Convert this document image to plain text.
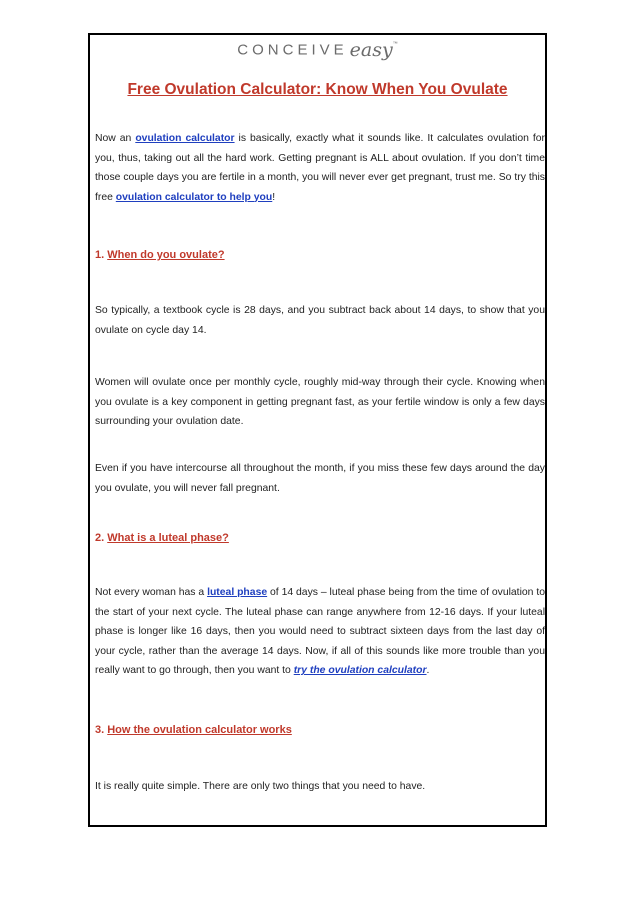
CONCEIVE easy™
Free Ovulation Calculator: Know When You Ovulate

Now an ovulation calculator is basically, exactly what it sounds like. It calculates ovulation for you, thus, taking out all the hard work. Getting pregnant is ALL about ovulation. If you don’t time those couple days you are fertile in a month, you will never ever get pregnant, trust me. So try this free ovulation calculator to help you!

1. When do you ovulate?

So typically, a textbook cycle is 28 days, and you subtract back about 14 days, to show that you ovulate on cycle day 14.

Women will ovulate once per monthly cycle, roughly mid-way through their cycle. Knowing when you ovulate is a key component in getting pregnant fast, as your fertile window is only a few days surrounding your ovulation date.

Even if you have intercourse all throughout the month, if you miss these few days around the day you ovulate, you will never fall pregnant.

2. What is a luteal phase?

Not every woman has a luteal phase of 14 days – luteal phase being from the time of ovulation to the start of your next cycle. The luteal phase can range anywhere from 12-16 days. If your luteal phase is longer like 16 days, then you would need to subtract sixteen days from the last day of your cycle, rather than the average 14 days. Now, if all of this sounds like more trouble than you really want to go through, then you want to try the ovulation calculator.

3. How the ovulation calculator works

It is really quite simple. There are only two things that you need to have.
